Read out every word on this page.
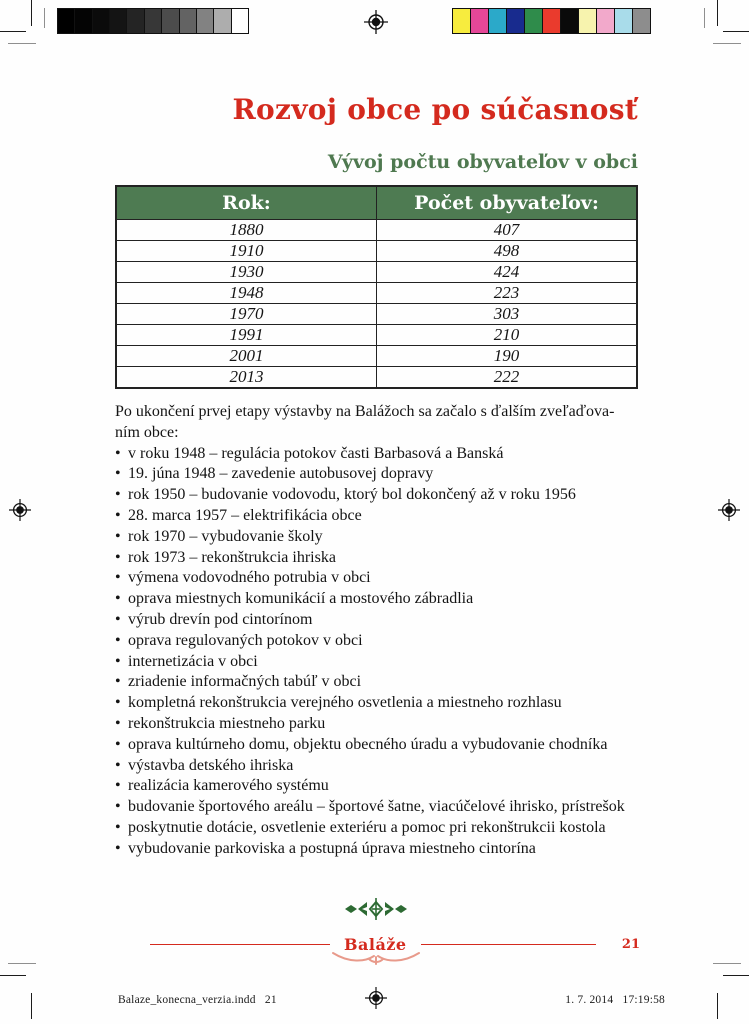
Rozvoj obce po súčasnosť
Vývoj počtu obyvateľov v obci
Rok:	Počet obyvateľov:
1880	407
1910	498
1930	424
1948	223
1970	303
1991	210
2001	190
2013	222
Po ukončení prvej etapy výstavby na Balážoch sa začalo s ďalším zveľaďova-
ním obce:
• v roku 1948 – regulácia potokov časti Barbasová a Banská
• 19. júna 1948 – zavedenie autobusovej dopravy
• rok 1950 – budovanie vodovodu, ktorý bol dokončený až v roku 1956
• 28. marca 1957 – elektrifikácia obce
• rok 1970 – vybudovanie školy
• rok 1973 – rekonštrukcia ihriska
• výmena vodovodného potrubia v obci
• oprava miestnych komunikácií a mostového zábradlia
• výrub drevín pod cintorínom
• oprava regulovaných potokov v obci
• internetizácia v obci
• zriadenie informačných tabúľ v obci
• kompletná rekonštrukcia verejného osvetlenia a miestneho rozhlasu
• rekonštrukcia miestneho parku
• oprava kultúrneho domu, objektu obecného úradu a vybudovanie chodníka
• výstavba detského ihriska
• realizácia kamerového systému
• budovanie športového areálu – športové šatne, viacúčelové ihrisko, prístrešok
• poskytnutie dotácie, osvetlenie exteriéru a pomoc pri rekonštrukcii kostola
• vybudovanie parkoviska a postupná úprava miestneho cintorína
Baláže	21
Balaze_konecna_verzia.indd   21	1. 7. 2014   17:19:58
